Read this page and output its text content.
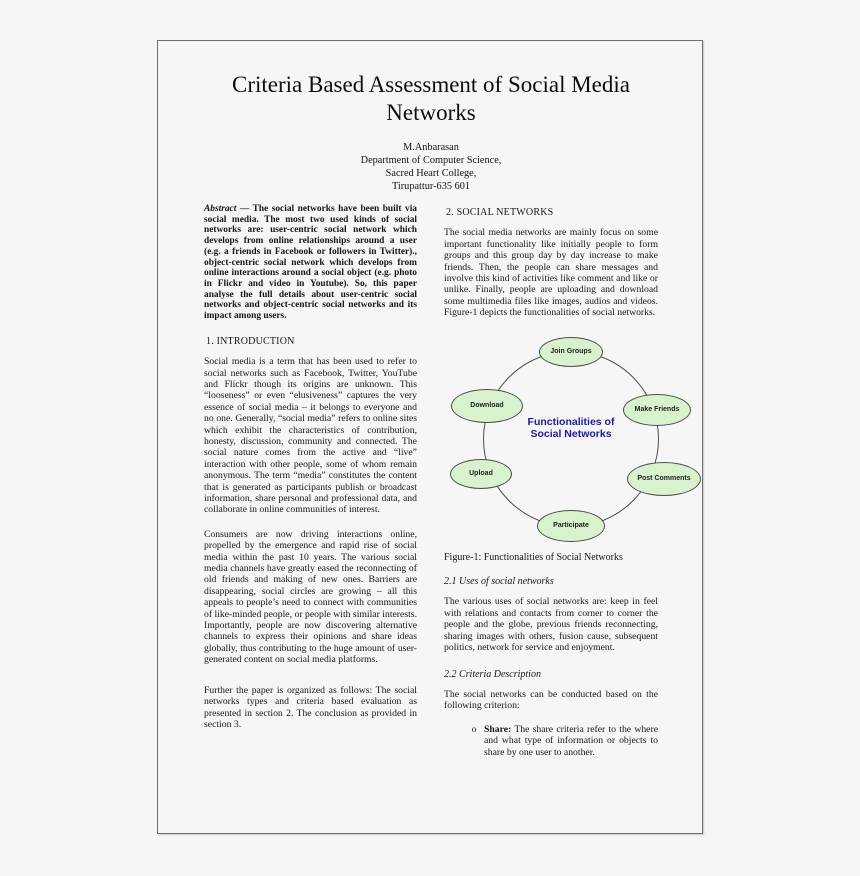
Criteria Based Assessment of Social Media Networks
M.Anbarasan
Department of Computer Science,
Sacred Heart College,
Tirupattur-635 601
Abstract — The social networks have been built via social media. The most two used kinds of social networks are: user-centric social network which develops from online relationships around a user (e.g. a friends in Facebook or followers in Twitter)., object-centric social network which develops from online interactions around a social object (e.g. photo in Flickr and video in Youtube). So, this paper analyse the full details about user-centric social networks and object-centric social networks and its impact among users.
1. INTRODUCTION
Social media is a term that has been used to refer to social networks such as Facebook, Twitter, YouTube and Flickr though its origins are unknown. This “looseness” or even “elusiveness” captures the very essence of social media – it belongs to everyone and no one. Generally, “social media” refers to online sites which exhibit the characteristics of contribution, honesty, discussion, community and connected. The social nature comes from the active and “live” interaction with other people, some of whom remain anonymous. The term “media” constitutes the content that is generated as participants publish or broadcast information, share personal and professional data, and collaborate in online communities of interest.
Consumers are now driving interactions online, propelled by the emergence and rapid rise of social media within the past 10 years. The various social media channels have greatly eased the reconnecting of old friends and making of new ones. Barriers are disappearing, social circles are growing – all this appeals to people’s need to connect with communities of like-minded people, or people with similar interests. Importantly, people are now discovering alternative channels to express their opinions and share ideas globally, thus contributing to the huge amount of user-generated content on social media platforms.
Further the paper is organized as follows: The social networks types and criteria based evaluation as presented in section 2. The conclusion as provided in section 3.
2. SOCIAL NETWORKS
The social media networks are mainly focus on some important functionality like initially people to form groups and this group day by day increase to make friends. Then, the people can share messages and involve this kind of activities like comment and like or unlike. Finally, people are uploading and download some multimedia files like images, audios and videos. Figure-1 depicts the functionalities of social networks.
Functionalities of
Social Networks
Join Groups
Make Friends
Post Comments
Participate
Upload
Download
Figure-1: Functionalities of Social Networks
2.1 Uses of social networks
The various uses of social networks are: keep in feel with relations and contacts from corner to corner the people and the globe, previous friends reconnecting, sharing images with others, fusion cause, subsequent politics, network for service and enjoyment.
2.2 Criteria Description
The social networks can be conducted based on the following criterion:
o Share: The share criteria refer to the where and what type of information or objects to share by one user to another.
